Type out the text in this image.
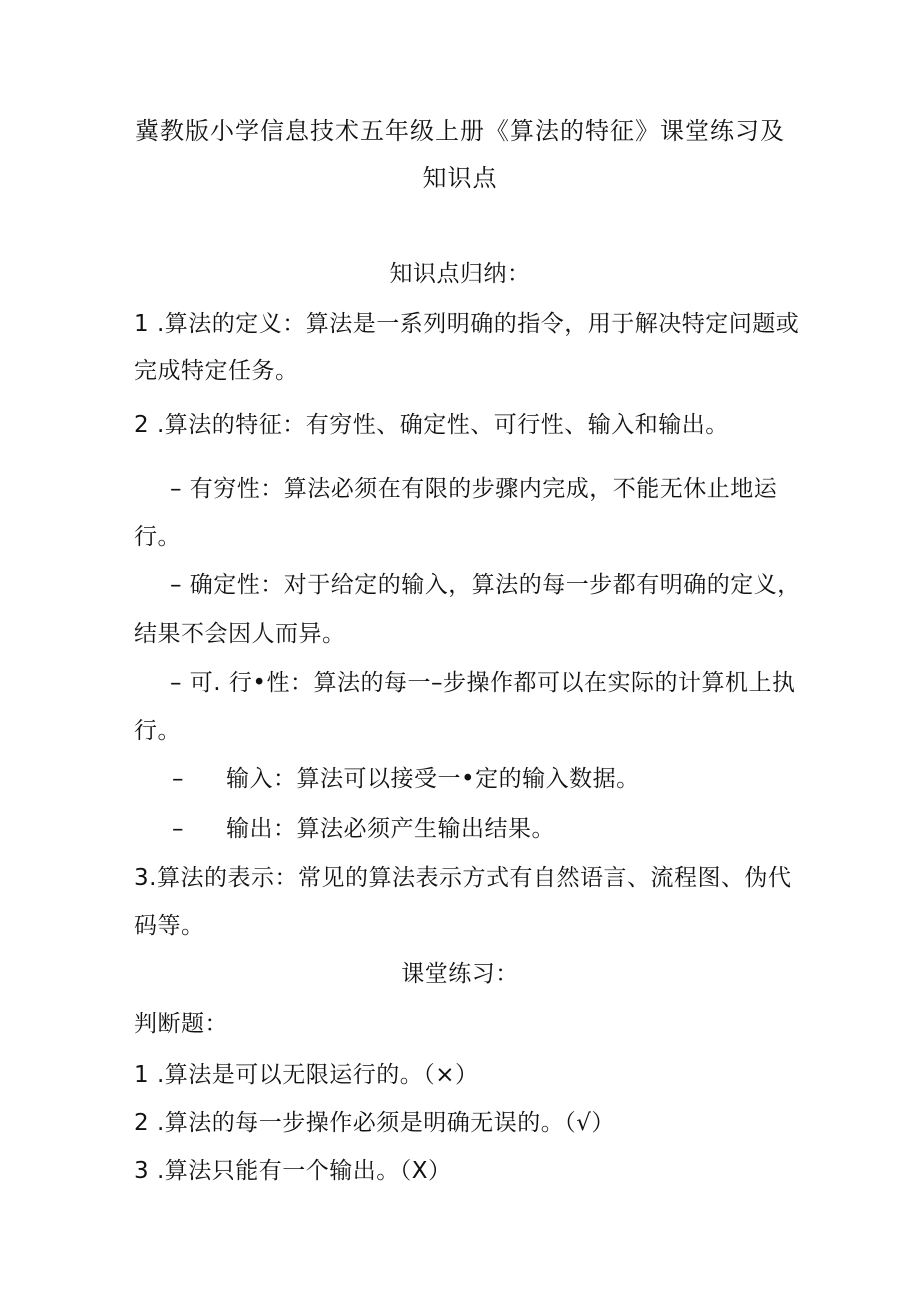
冀教版小学信息技术五年级上册《算法的特征》课堂练习及
知识点
知识点归纳：
1 .算法的定义：算法是一系列明确的指令，用于解决特定问题或
完成特定任务。
2 .算法的特征：有穷性、确定性、可行性、输入和输出。
– 有穷性：算法必须在有限的步骤内完成，不能无休止地运
行。
– 确定性：对于给定的输入，算法的每一步都有明确的定义，
结果不会因人而异。
– 可. 行•性：算法的每一–步操作都可以在实际的计算机上执
行。
– 输入：算法可以接受一•定的输入数据。
– 输出：算法必须产生输出结果。
3.算法的表示：常见的算法表示方式有自然语言、流程图、伪代
码等。
课堂练习：
判断题：
1 .算法是可以无限运行的。（×）
2 .算法的每一步操作必须是明确无误的。（√）
3 .算法只能有一个输出。（X）
